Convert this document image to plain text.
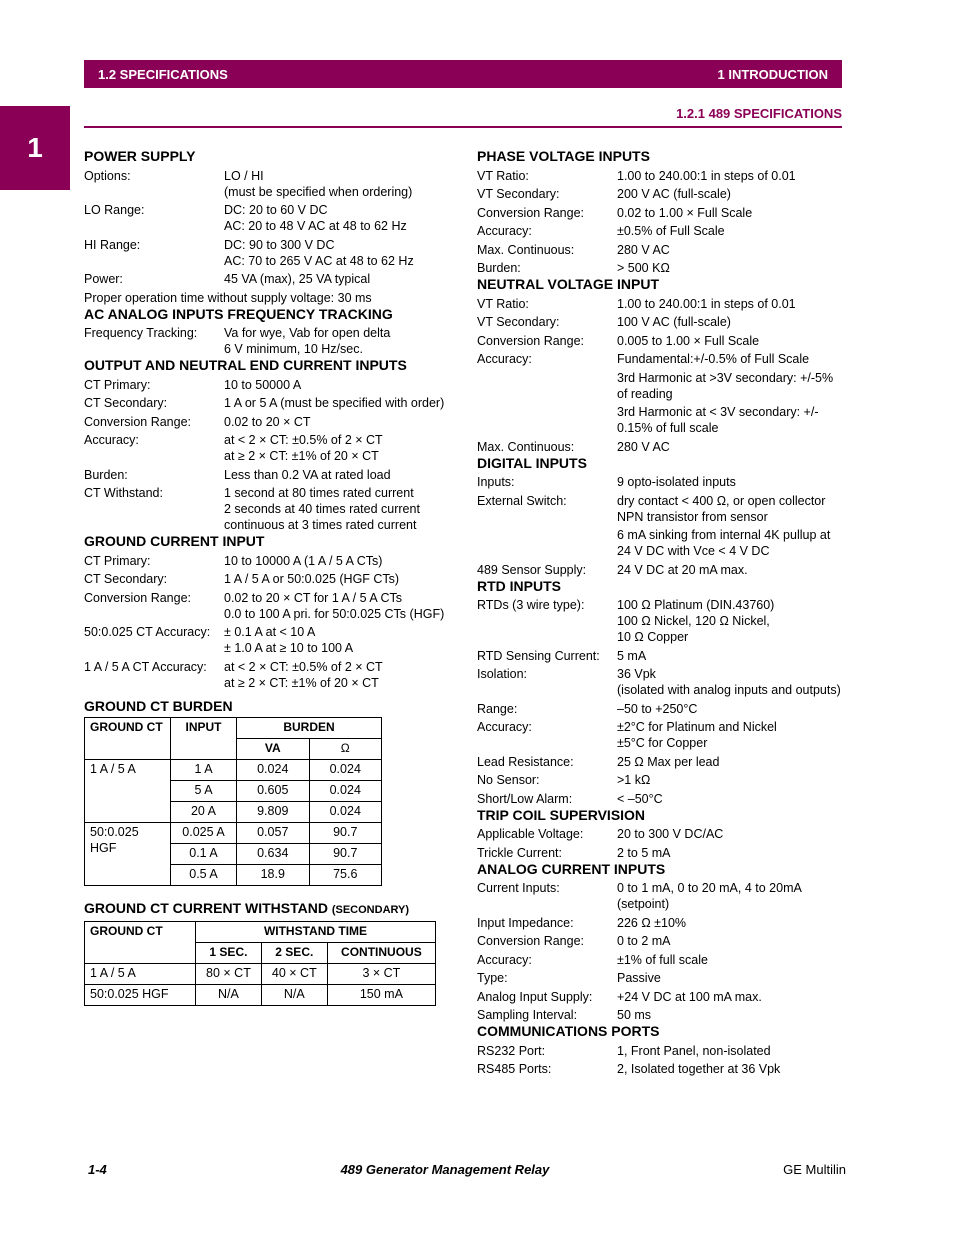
1.2 SPECIFICATIONS	1 INTRODUCTION
1
1.2.1 489 SPECIFICATIONS
POWER SUPPLY
Options:	LO / HI
(must be specified when ordering)
LO Range:	DC: 20 to 60 V DC
AC: 20 to 48 V AC at 48 to 62 Hz
HI Range:	DC: 90 to 300 V DC
AC: 70 to 265 V AC at 48 to 62 Hz
Power:	45 VA (max), 25 VA typical
Proper operation time without supply voltage: 30 ms
AC ANALOG INPUTS FREQUENCY TRACKING
Frequency Tracking:	Va for wye, Vab for open delta
6 V minimum, 10 Hz/sec.
OUTPUT AND NEUTRAL END CURRENT INPUTS
CT Primary:	10 to 50000 A
CT Secondary:	1 A or 5 A (must be specified with order)
Conversion Range:	0.02 to 20 × CT
Accuracy:	at < 2 × CT: ±0.5% of 2 × CT
at ≥ 2 × CT: ±1% of 20 × CT
Burden:	Less than 0.2 VA at rated load
CT Withstand:	1 second at 80 times rated current
2 seconds at 40 times rated current
continuous at 3 times rated current
GROUND CURRENT INPUT
CT Primary:	10 to 10000 A (1 A / 5 A CTs)
CT Secondary:	1 A / 5 A or 50:0.025 (HGF CTs)
Conversion Range:	0.02 to 20 × CT for 1 A / 5 A CTs
0.0 to 100 A pri. for 50:0.025 CTs (HGF)
50:0.025 CT Accuracy:	± 0.1 A at < 10 A
± 1.0 A at ≥ 10 to 100 A
1 A / 5 A CT Accuracy:	at < 2 × CT: ±0.5% of 2 × CT
at ≥ 2 × CT: ±1% of 20 × CT
GROUND CT BURDEN
GROUND CT	INPUT	BURDEN	
		VA	Ω
1 A / 5 A	1 A	0.024	0.024
	5 A	0.605	0.024
	20 A	9.809	0.024
50:0.025 HGF	0.025 A	0.057	90.7
	0.1 A	0.634	90.7
	0.5 A	18.9	75.6
GROUND CT CURRENT WITHSTAND (SECONDARY)
GROUND CT	WITHSTAND TIME		
	1 SEC.	2 SEC.	CONTINUOUS
1 A / 5 A	80 × CT	40 × CT	3 × CT
50:0.025 HGF	N/A	N/A	150 mA
PHASE VOLTAGE INPUTS
VT Ratio:	1.00 to 240.00:1 in steps of 0.01
VT Secondary:	200 V AC (full-scale)
Conversion Range:	0.02 to 1.00 × Full Scale
Accuracy:	±0.5% of Full Scale
Max. Continuous:	280 V AC
Burden:	> 500 KΩ
NEUTRAL VOLTAGE INPUT
VT Ratio:	1.00 to 240.00:1 in steps of 0.01
VT Secondary:	100 V AC (full-scale)
Conversion Range:	0.005 to 1.00 × Full Scale
Accuracy:	Fundamental:+/-0.5% of Full Scale
3rd Harmonic at >3V secondary: +/-5%
of reading
3rd Harmonic at < 3V secondary: +/-
0.15% of full scale
Max. Continuous:	280 V AC
DIGITAL INPUTS
Inputs:	9 opto-isolated inputs
External Switch:	dry contact < 400 Ω, or open collector
NPN transistor from sensor
6 mA sinking from internal 4K pullup at
24 V DC with Vce < 4 V DC
489 Sensor Supply:	24 V DC at 20 mA max.
RTD INPUTS
RTDs (3 wire type):	100 Ω Platinum (DIN.43760)
100 Ω Nickel, 120 Ω Nickel,
10 Ω Copper
RTD Sensing Current:	5 mA
Isolation:	36 Vpk
(isolated with analog inputs and outputs)
Range:	–50 to +250°C
Accuracy:	±2°C for Platinum and Nickel
±5°C for Copper
Lead Resistance:	25 Ω Max per lead
No Sensor:	>1 kΩ
Short/Low Alarm:	< –50°C
TRIP COIL SUPERVISION
Applicable Voltage:	20 to 300 V DC/AC
Trickle Current:	2 to 5 mA
ANALOG CURRENT INPUTS
Current Inputs:	0 to 1 mA, 0 to 20 mA, 4 to 20mA
(setpoint)
Input Impedance:	226 Ω ±10%
Conversion Range:	0 to 2 mA
Accuracy:	±1% of full scale
Type:	Passive
Analog Input Supply:	+24 V DC at 100 mA max.
Sampling Interval:	50 ms
COMMUNICATIONS PORTS
RS232 Port:	1, Front Panel, non-isolated
RS485 Ports:	2, Isolated together at 36 Vpk
1-4	489 Generator Management Relay	GE Multilin
